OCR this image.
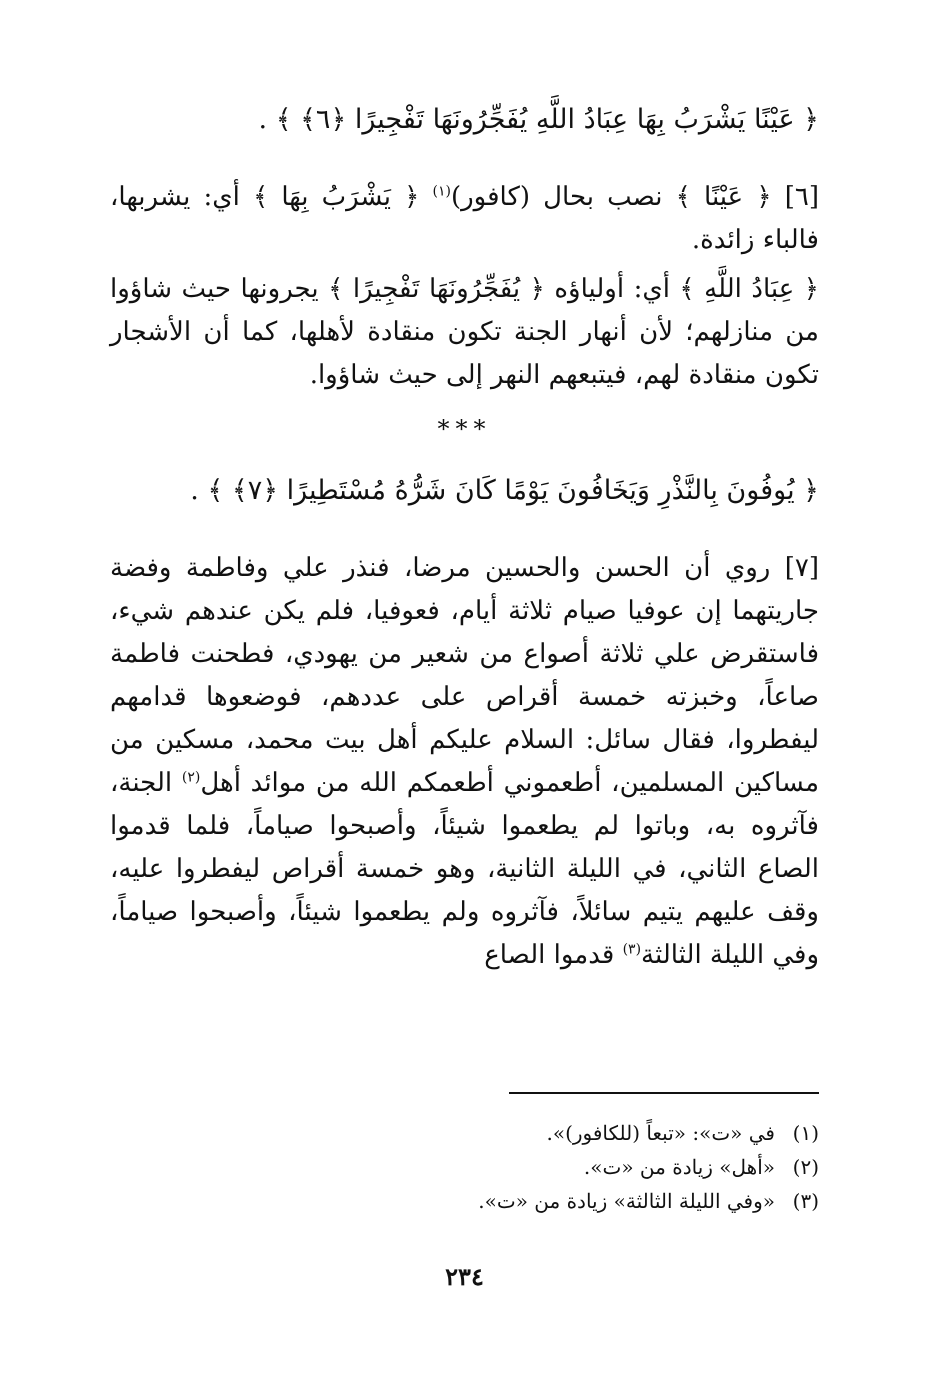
﴿ عَيْنًا يَشْرَبُ بِهَا عِبَادُ اللَّهِ يُفَجِّرُونَهَا تَفْجِيرًا ﴿٦﴾ ﴾ .
[٦] ﴿ عَيْنًا ﴾ نصب بحال (كافور)$^{(١)}$ ﴿ يَشْرَبُ بِهَا ﴾ أي: يشربها، فالباء زائدة.
﴿ عِبَادُ اللَّهِ ﴾ أي: أولياؤه ﴿ يُفَجِّرُونَهَا تَفْجِيرًا ﴾ يجرونها حيث شاؤوا من منازلهم؛ لأن أنهار الجنة تكون منقادة لأهلها، كما أن الأشجار تكون منقادة لهم، فيتبعهم النهر إلى حيث شاؤوا.
***
﴿ يُوفُونَ بِالنَّذْرِ وَيَخَافُونَ يَوْمًا كَانَ شَرُّهُ مُسْتَطِيرًا ﴿٧﴾ ﴾ .
[٧] روي أن الحسن والحسين مرضا، فنذر علي وفاطمة وفضة جاريتهما إن عوفيا صيام ثلاثة أيام، فعوفيا، فلم يكن عندهم شيء، فاستقرض علي ثلاثة أصواع من شعير من يهودي، فطحنت فاطمة صاعاً، وخبزته خمسة أقراص على عددهم، فوضعوها قدامهم ليفطروا، فقال سائل: السلام عليكم أهل بيت محمد، مسكين من مساكين المسلمين، أطعموني أطعمكم الله من موائد أهل$^{(٢)}$ الجنة، فآثروه به، وباتوا لم يطعموا شيئاً، وأصبحوا صياماً، فلما قدموا الصاع الثاني، في الليلة الثانية، وهو خمسة أقراص ليفطروا عليه، وقف عليهم يتيم سائلاً، فآثروه ولم يطعموا شيئاً، وأصبحوا صياماً، وفي الليلة الثالثة$^{(٣)}$ قدموا الصاع
(١)في «ت»: «تبعاً (للكافور)».
(٢)«أهل» زيادة من «ت».
(٣)«وفي الليلة الثالثة» زيادة من «ت».
٢٣٤
